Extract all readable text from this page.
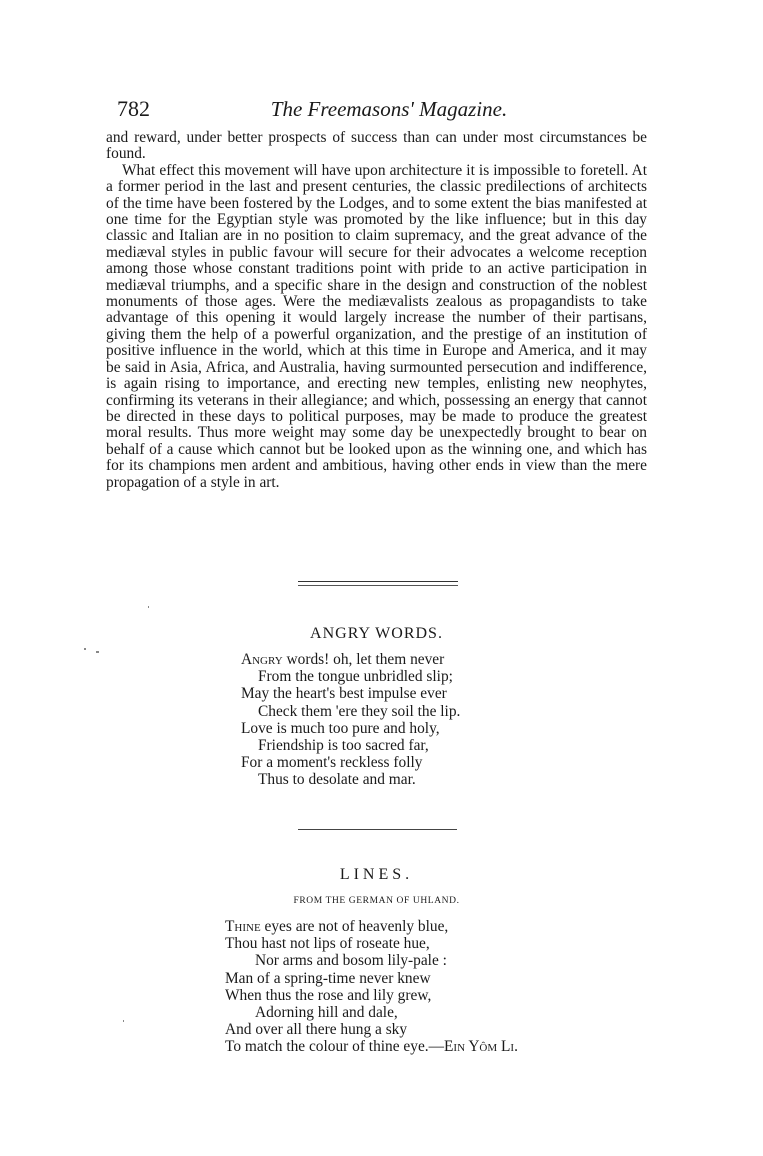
782	The Freemasons' Magazine.

and reward, under better prospects of success than can under most circumstances be found.

What effect this movement will have upon architecture it is impossible to foretell. At a former period in the last and present centuries, the classic predilections of architects of the time have been fostered by the Lodges, and to some extent the bias manifested at one time for the Egyptian style was promoted by the like influence; but in this day classic and Italian are in no position to claim supremacy, and the great advance of the mediæval styles in public favour will secure for their advocates a welcome reception among those whose constant traditions point with pride to an active participation in mediæval triumphs, and a specific share in the design and construction of the noblest monuments of those ages. Were the mediævalists zealous as propagandists to take advantage of this opening it would largely increase the number of their partisans, giving them the help of a powerful organization, and the prestige of an institution of positive influence in the world, which at this time in Europe and America, and it may be said in Asia, Africa, and Australia, having surmounted persecution and indifference, is again rising to importance, and erecting new temples, enlisting new neophytes, confirming its veterans in their allegiance; and which, possessing an energy that cannot be directed in these days to political purposes, may be made to produce the greatest moral results. Thus more weight may some day be unexpectedly brought to bear on behalf of a cause which cannot but be looked upon as the winning one, and which has for its champions men ardent and ambitious, having other ends in view than the mere propagation of a style in art.

ANGRY WORDS.
Angry words! oh, let them never
From the tongue unbridled slip;
May the heart's best impulse ever
Check them 'ere they soil the lip.
Love is much too pure and holy,
Friendship is too sacred far,
For a moment's reckless folly
Thus to desolate and mar.
LINES.
FROM THE GERMAN OF UHLAND.
Thine eyes are not of heavenly blue,
Thou hast not lips of roseate hue,
Nor arms and bosom lily-pale :
Man of a spring-time never knew
When thus the rose and lily grew,
Adorning hill and dale,
And over all there hung a sky
To match the colour of thine eye.—Ein Yôm Li.
